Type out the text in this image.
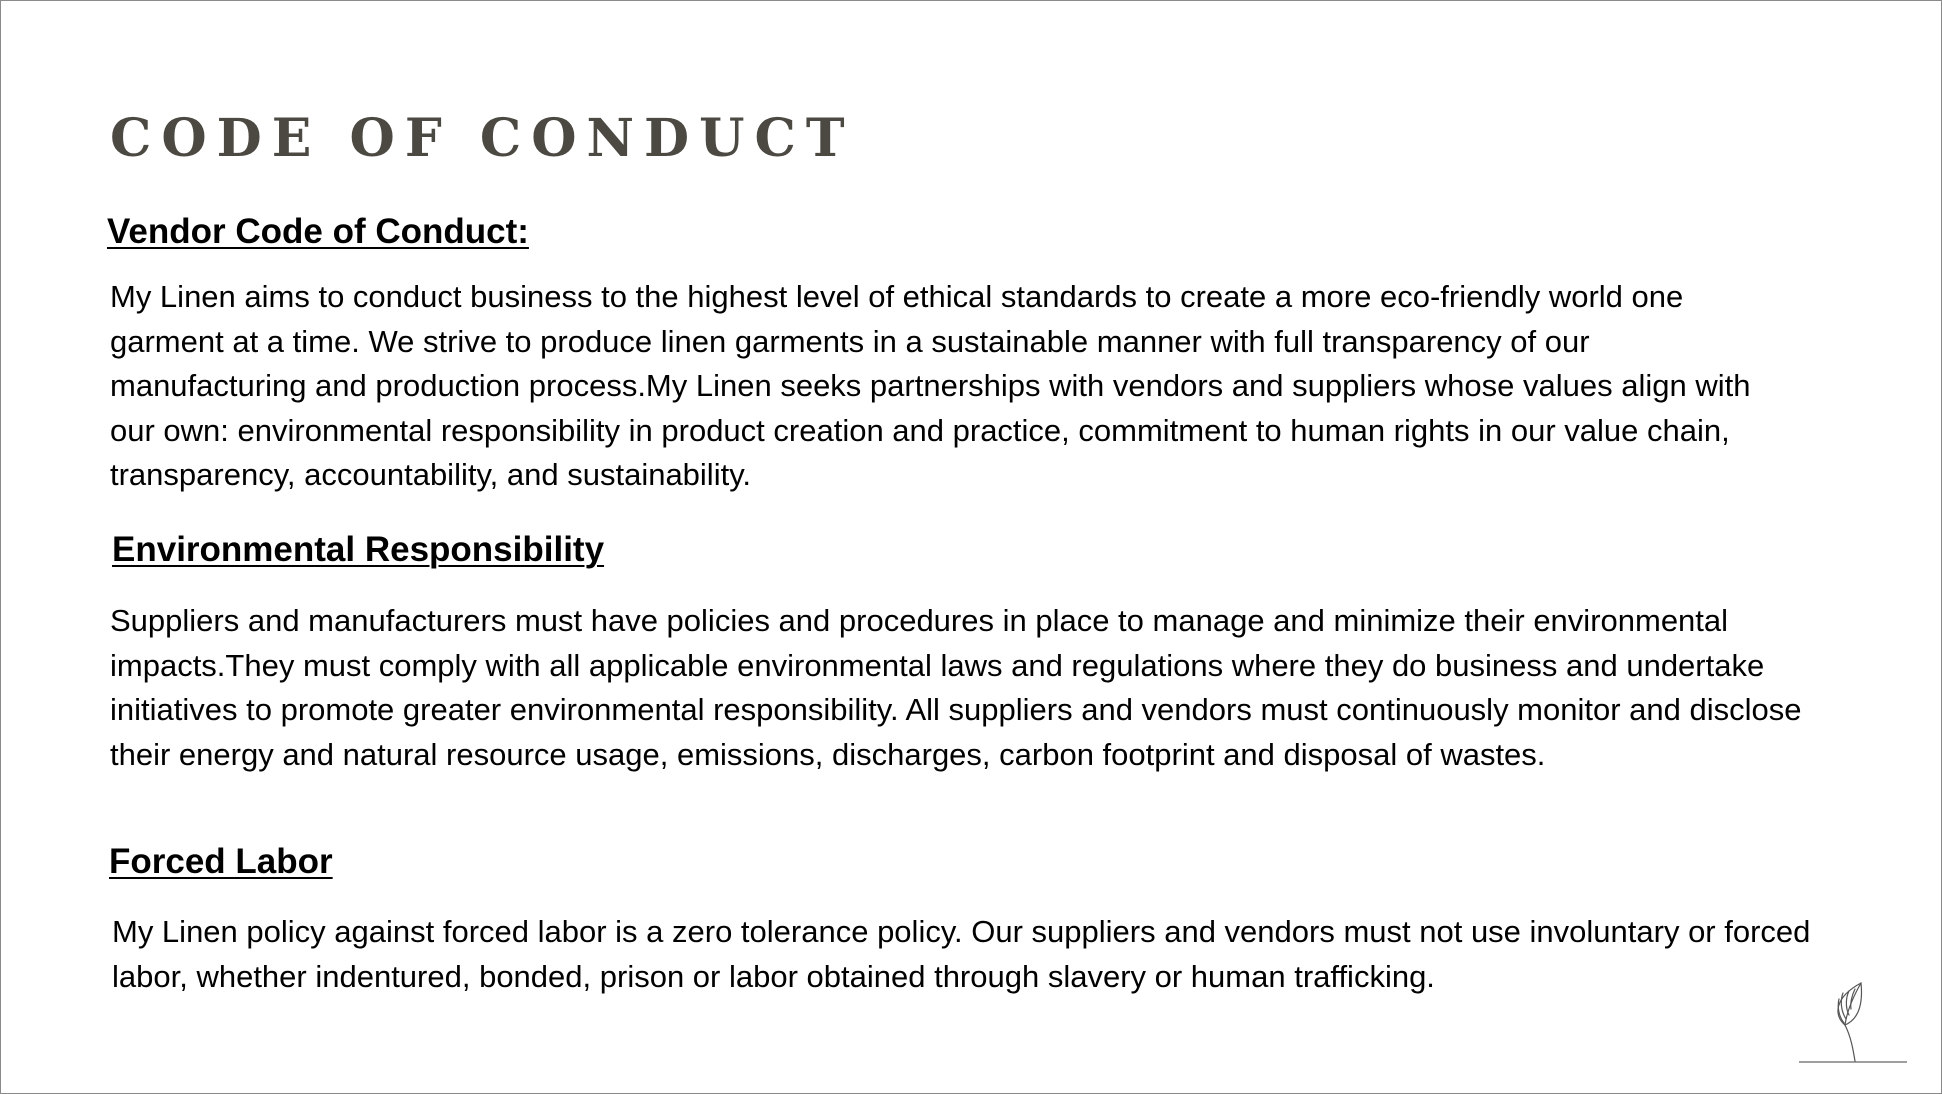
CODE OF CONDUCT
Vendor Code of Conduct:

My Linen aims to conduct business to the highest level of ethical standards to create a more eco-friendly world one garment at a time. We strive to produce linen garments in a sustainable manner with full transparency of our manufacturing and production process.My Linen seeks partnerships with vendors and suppliers whose values align with our own: environmental responsibility in product creation and practice, commitment to human rights in our value chain, transparency, accountability, and sustainability.

Environmental Responsibility

Suppliers and manufacturers must have policies and procedures in place to manage and minimize their environmental impacts.They must comply with all applicable environmental laws and regulations where they do business and undertake initiatives to promote greater environmental responsibility. All suppliers and vendors must continuously monitor and disclose their energy and natural resource usage, emissions, discharges, carbon footprint and disposal of wastes.

Forced Labor

My Linen policy against forced labor is a zero tolerance policy. Our suppliers and vendors must not use involuntary or forced labor, whether indentured, bonded, prison or labor obtained through slavery or human trafficking.
